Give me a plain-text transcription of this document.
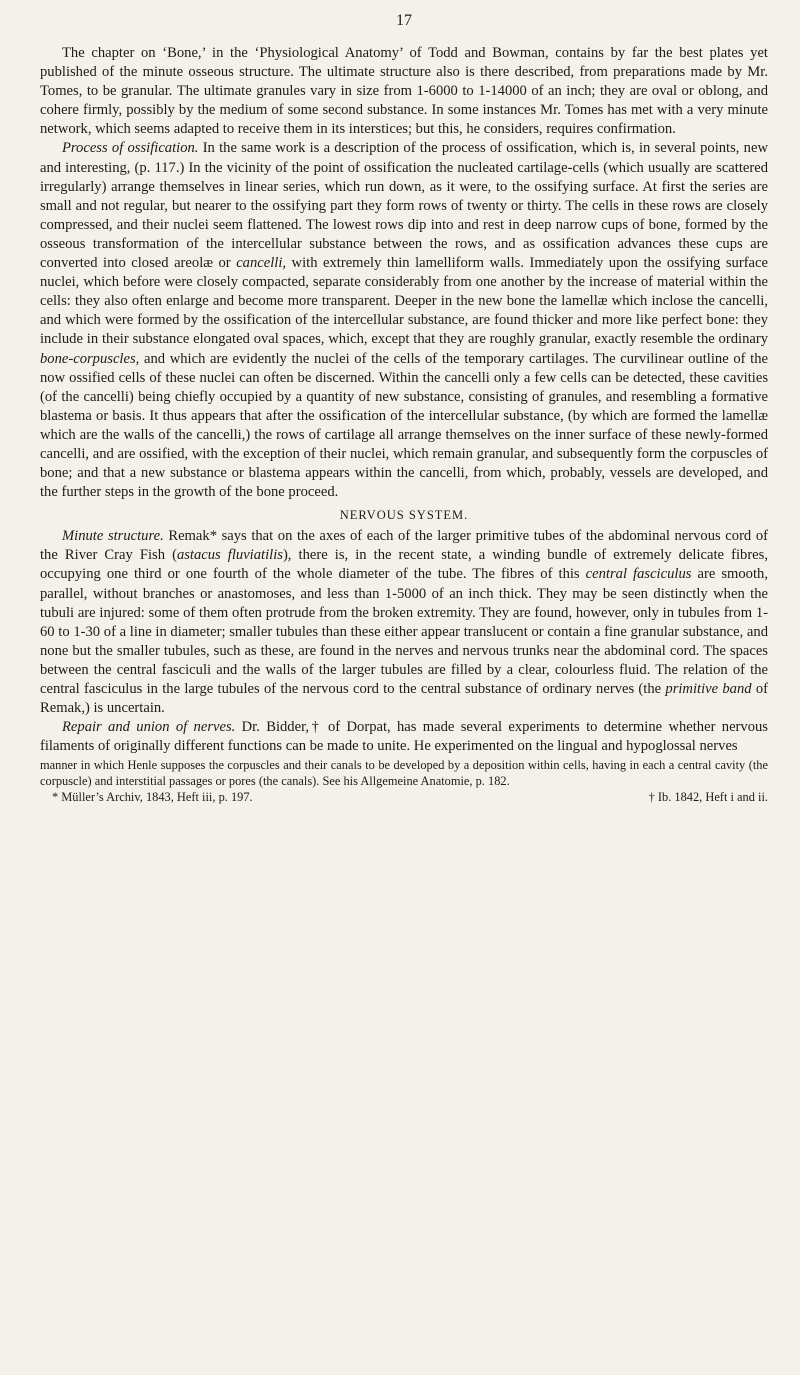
17

The chapter on ‘Bone,’ in the ‘Physiological Anatomy’ of Todd and Bowman, contains by far the best plates yet published of the minute osseous structure. The ultimate structure also is there described, from preparations made by Mr. Tomes, to be granular. The ultimate granules vary in size from 1-6000 to 1-14000 of an inch; they are oval or oblong, and cohere firmly, possibly by the medium of some second substance. In some instances Mr. Tomes has met with a very minute network, which seems adapted to receive them in its interstices; but this, he considers, requires confirmation.

Process of ossification. In the same work is a description of the process of ossification, which is, in several points, new and interesting, (p. 117.) In the vicinity of the point of ossification the nucleated cartilage-cells (which usually are scattered irregularly) arrange themselves in linear series, which run down, as it were, to the ossifying surface. At first the series are small and not regular, but nearer to the ossifying part they form rows of twenty or thirty. The cells in these rows are closely compressed, and their nuclei seem flattened. The lowest rows dip into and rest in deep narrow cups of bone, formed by the osseous transformation of the intercellular substance between the rows, and as ossification advances these cups are converted into closed areolæ or cancelli, with extremely thin lamelliform walls. Immediately upon the ossifying surface nuclei, which before were closely compacted, separate considerably from one another by the increase of material within the cells: they also often enlarge and become more transparent. Deeper in the new bone the lamellæ which inclose the cancelli, and which were formed by the ossification of the intercellular substance, are found thicker and more like perfect bone: they include in their substance elongated oval spaces, which, except that they are roughly granular, exactly resemble the ordinary bone-corpuscles, and which are evidently the nuclei of the cells of the temporary cartilages. The curvilinear outline of the now ossified cells of these nuclei can often be discerned. Within the cancelli only a few cells can be detected, these cavities (of the cancelli) being chiefly occupied by a quantity of new substance, consisting of granules, and resembling a formative blastema or basis. It thus appears that after the ossification of the intercellular substance, (by which are formed the lamellæ which are the walls of the cancelli,) the rows of cartilage all arrange themselves on the inner surface of these newly-formed cancelli, and are ossified, with the exception of their nuclei, which remain granular, and subsequently form the corpuscles of bone; and that a new substance or blastema appears within the cancelli, from which, probably, vessels are developed, and the further steps in the growth of the bone proceed.

NERVOUS SYSTEM.

Minute structure. Remak* says that on the axes of each of the larger primitive tubes of the abdominal nervous cord of the River Cray Fish (astacus fluviatilis), there is, in the recent state, a winding bundle of extremely delicate fibres, occupying one third or one fourth of the whole diameter of the tube. The fibres of this central fasciculus are smooth, parallel, without branches or anastomoses, and less than 1-5000 of an inch thick. They may be seen distinctly when the tubuli are injured: some of them often protrude from the broken extremity. They are found, however, only in tubules from 1-60 to 1-30 of a line in diameter; smaller tubules than these either appear translucent or contain a fine granular substance, and none but the smaller tubules, such as these, are found in the nerves and nervous trunks near the abdominal cord. The spaces between the central fasciculi and the walls of the larger tubules are filled by a clear, colourless fluid. The relation of the central fasciculus in the large tubules of the nervous cord to the central substance of ordinary nerves (the primitive band of Remak,) is uncertain.

Repair and union of nerves. Dr. Bidder,† of Dorpat, has made several experiments to determine whether nervous filaments of originally different functions can be made to unite. He experimented on the lingual and hypoglossal nerves

manner in which Henle supposes the corpuscles and their canals to be developed by a deposition within cells, having in each a central cavity (the corpuscle) and interstitial passages or pores (the canals). See his Allgemeine Anatomie, p. 182.

* Müller’s Archiv, 1843, Heft iii, p. 197.	† Ib. 1842, Heft i and ii.
